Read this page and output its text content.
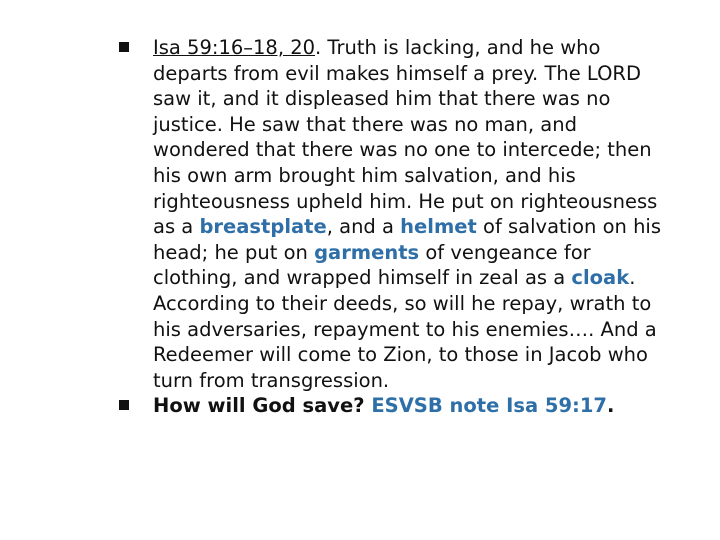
Isa 59:16–18, 20. Truth is lacking, and he who departs from evil makes himself a prey. The LORD saw it, and it displeased him that there was no justice. He saw that there was no man, and wondered that there was no one to intercede; then his own arm brought him salvation, and his righteousness upheld him. He put on righteousness as a breastplate, and a helmet of salvation on his head; he put on garments of vengeance for clothing, and wrapped himself in zeal as a cloak. According to their deeds, so will he repay, wrath to his adversaries, repayment to his enemies…. And a Redeemer will come to Zion, to those in Jacob who turn from transgression.
How will God save? ESVSB note Isa 59:17.
